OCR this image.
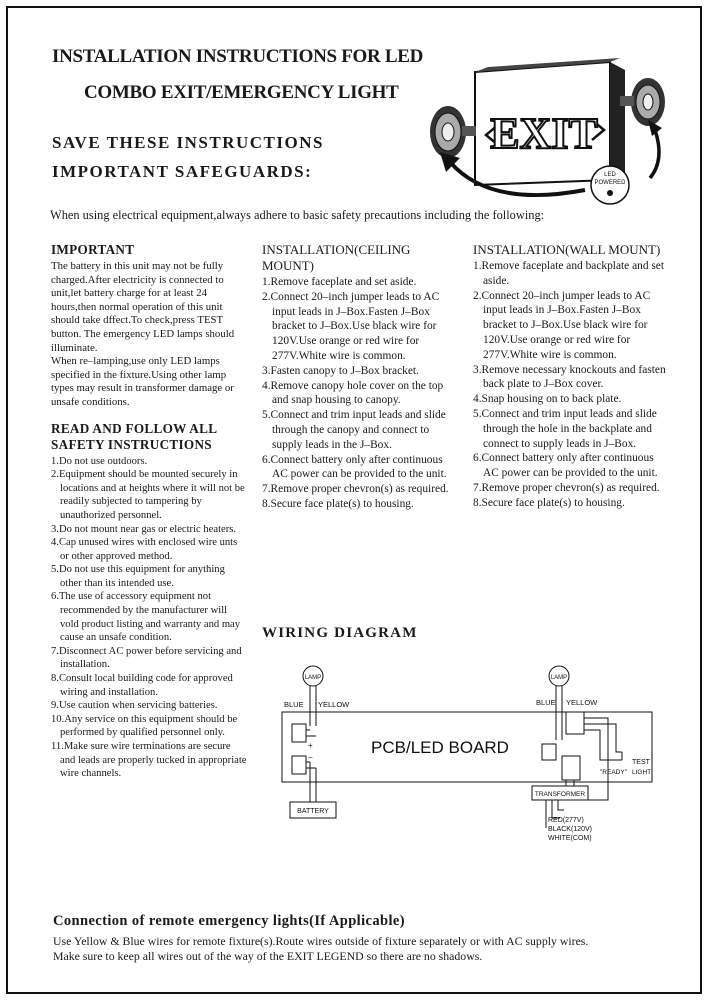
INSTALLATION INSTRUCTIONS FOR LED
COMBO EXIT/EMERGENCY LIGHT
SAVE THESE INSTRUCTIONS
IMPORTANT SAFEGUARDS:
EXIT
LED
POWERED
When using electrical equipment,always adhere to basic safety precautions including the following:
IMPORTANT

The battery in this unit may not be fully charged.After electricity is connected to unit,let battery charge for at least 24 hours,then normal operation of this unit should take dffect.To check,press TEST button. The emergency LED lamps should illuminate.

When re–lamping,use only LED lamps specified in the fixture.Using other lamp types may result in transformer damage or unsafe conditions.

READ AND FOLLOW ALL
SAFETY INSTRUCTIONS
1.Do not use outdoors.
2.Equipment should be mounted securely in locations and at heights where it will not be readily subjected to tampering by unauthorized personnel.
3.Do not mount near gas or electric heaters.
4.Cap unused wires with enclosed wire unts or other approved method.
5.Do not use this equipment for anything other than its intended use.
6.The use of accessory equipment not recommended by the manufacturer will vold product listing and warranty and may cause an unsafe condition.
7.Disconnect AC power before servicing and installation.
8.Consult local building code for approved wiring and installation.
9.Use caution when servicing batteries.
10.Any service on this equipment should be performed by qualified personnel only.
11.Make sure wire terminations are secure and leads are properly tucked in appropriate wire channels.
INSTALLATION(CEILING MOUNT)
1.Remove faceplate and set aside.
2.Connect 20–inch jumper leads to AC input leads in J–Box.Fasten J–Box bracket to J–Box.Use black wire for 120V.Use orange or red wire for 277V.White wire is common.
3.Fasten canopy to J–Box bracket.
4.Remove canopy hole cover on the top and snap housing to canopy.
5.Connect and trim input leads and slide through the canopy and connect to supply leads in the J–Box.
6.Connect battery only after continuous AC power can be provided to the unit.
7.Remove proper chevron(s) as required.
8.Secure face plate(s) to housing.
INSTALLATION(WALL MOUNT)
1.Remove faceplate and backplate and set aside.
2.Connect 20–inch jumper leads to AC input leads in J–Box.Fasten J–Box bracket to J–Box.Use black wire for 120V.Use orange or red wire for 277V.White wire is common.
3.Remove necessary knockouts and fasten back plate to J–Box cover.
4.Snap housing on to back plate.
5.Connect and trim input leads and slide through the hole in the backplate and connect to supply leads in J–Box.
6.Connect battery only after continuous AC power can be provided to the unit.
7.Remove proper chevron(s) as required.
8.Secure face plate(s) to housing.
WIRING DIAGRAM
LAMP	LAMP
BLUE YELLOW	BLUE YELLOW
PCB/LED BOARD
BATTERY
TRANSFORMER
+
−
TEST
"READY" LIGHT
RED(277V)
BLACK(120V)
WHITE(COM)
Connection of remote emergency lights(If Applicable)
Use Yellow & Blue wires for remote fixture(s).Route wires outside of fixture separately or with AC supply wires.
Make sure to keep all wires out of the way of the EXIT LEGEND so there are no shadows.
